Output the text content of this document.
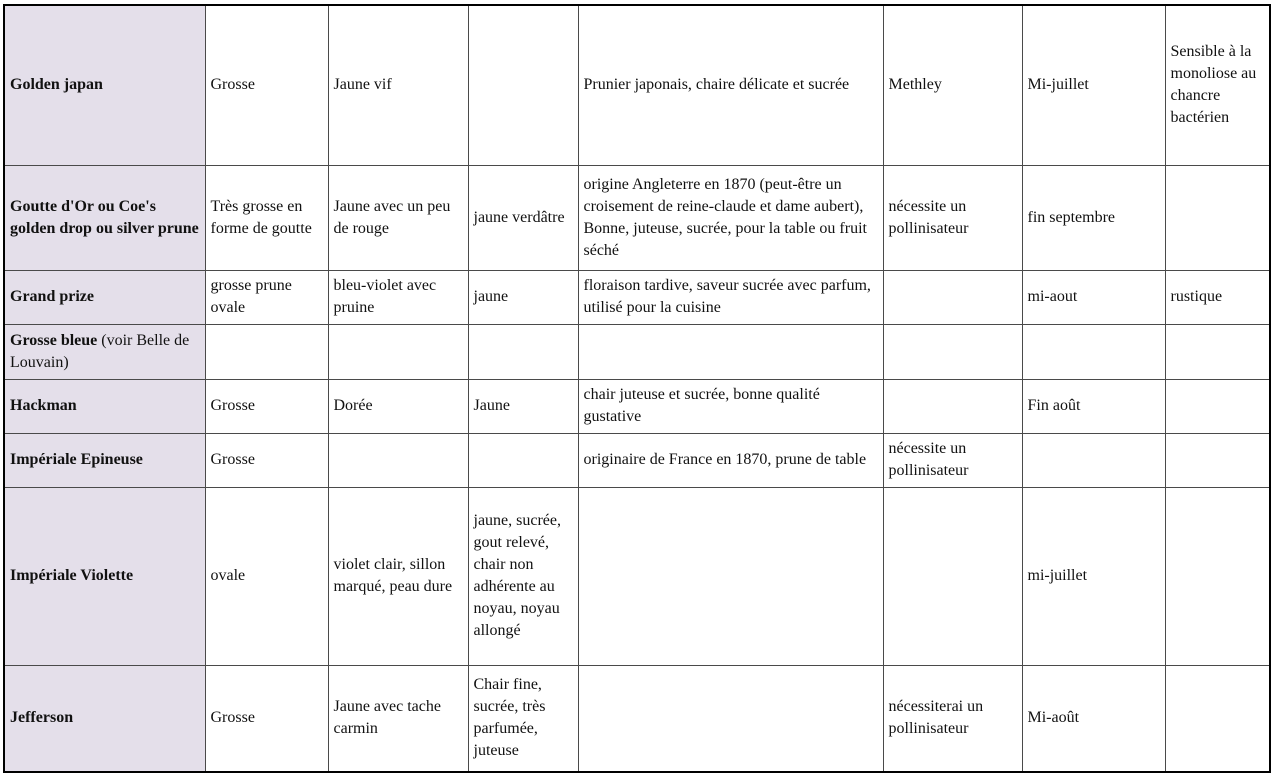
Golden japan	Grosse	Jaune vif		Prunier japonais, chaire délicate et sucrée	Methley	Mi-juillet	Sensible à la monoliose au chancre bactérien
Goutte d'Or ou Coe's golden drop ou silver prune	Très grosse en forme de goutte	Jaune avec un peu de rouge	jaune verdâtre	origine Angleterre en 1870 (peut-être un croisement de reine-claude et dame aubert), Bonne, juteuse, sucrée, pour la table ou fruit séché	nécessite un pollinisateur	fin septembre	
Grand prize	grosse prune ovale	bleu-violet avec pruine	jaune	floraison tardive, saveur sucrée avec parfum, utilisé pour la cuisine		mi-aout	rustique
Grosse bleue (voir Belle de Louvain)							
Hackman	Grosse	Dorée	Jaune	chair juteuse et sucrée, bonne qualité gustative		Fin août	
Impériale Epineuse	Grosse			originaire de France en 1870, prune de table	nécessite un pollinisateur		
Impériale Violette	ovale	violet clair, sillon marqué, peau dure	jaune, sucrée, gout relevé, chair non adhérente au noyau, noyau allongé			mi-juillet	
Jefferson	Grosse	Jaune avec tache carmin	Chair fine, sucrée, très parfumée, juteuse		nécessiterai un pollinisateur	Mi-août	
